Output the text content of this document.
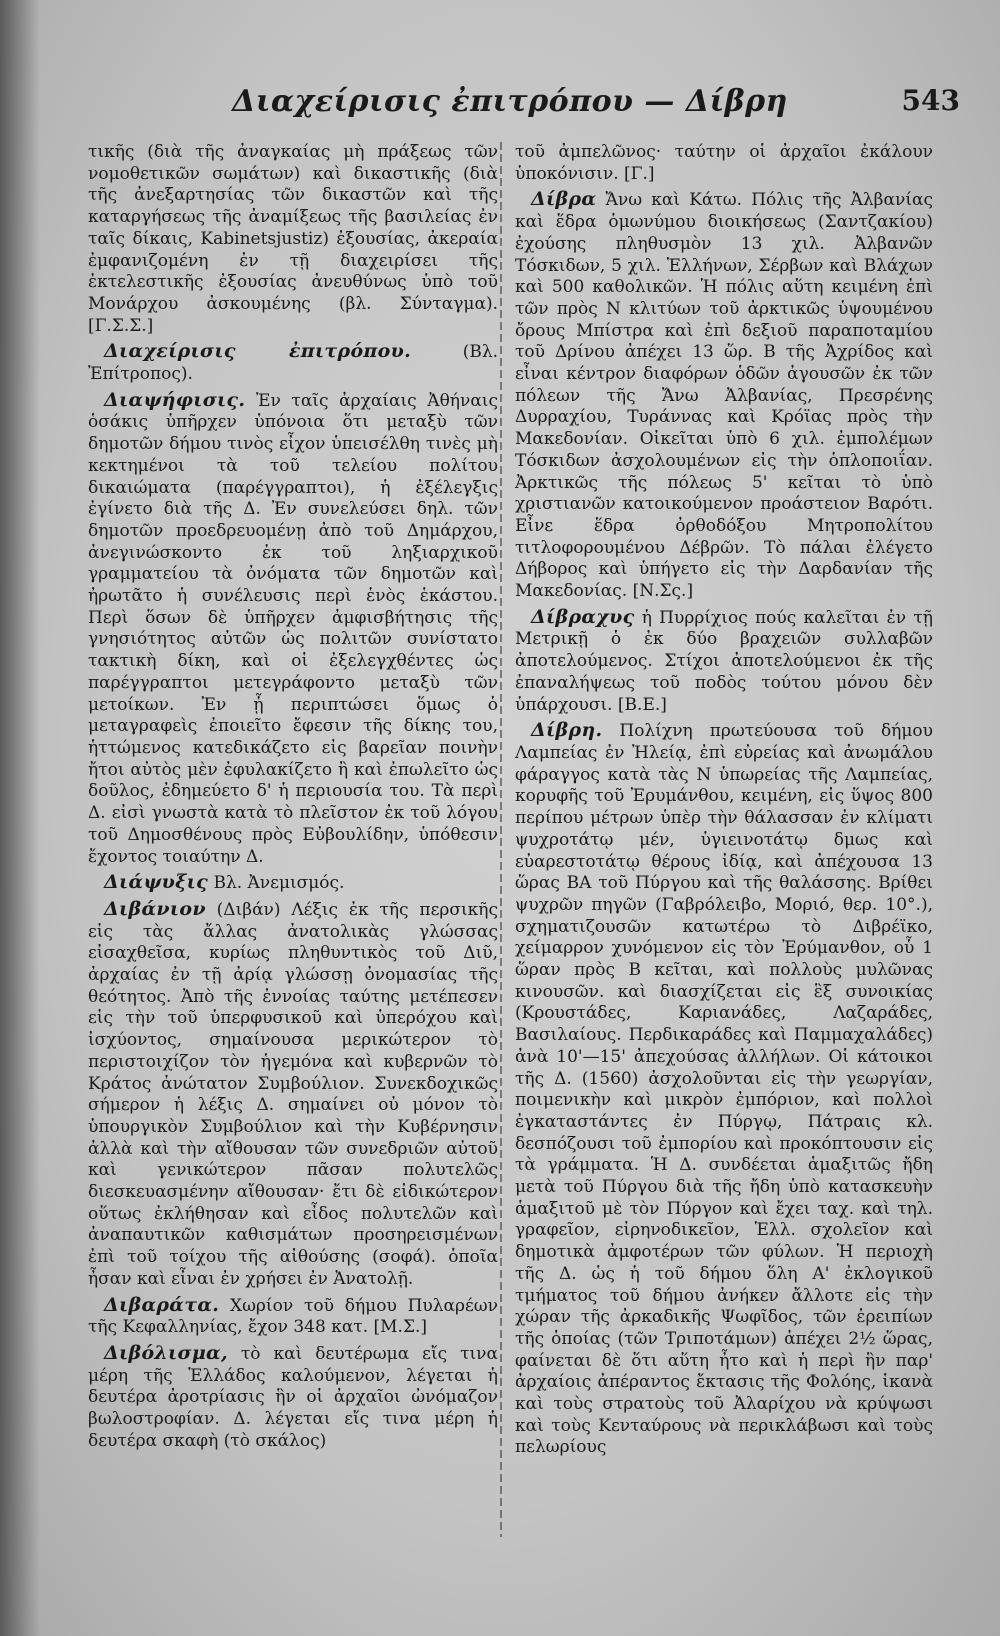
Διαχείρισις ἐπιτρόπου — Δίβρη	543

τικῆς (διὰ τῆς ἀναγκαίας μὴ πράξεως τῶν νομοθετικῶν σωμάτων) καὶ δικαστικῆς (διὰ τῆς ἀνεξαρτησίας τῶν δικαστῶν καὶ τῆς καταργήσεως τῆς ἀναμίξεως τῆς βασιλείας ἐν ταῖς δίκαις, Kabinetsjustiz) ἐξουσίας, ἀκεραία ἐμφανιζομένη ἐν τῇ διαχειρίσει τῆς ἐκτελεστικῆς ἐξουσίας ἀνευθύνως ὑπὸ τοῦ Μονάρχου ἀσκουμένης (βλ. Σύνταγμα). [Γ.Σ.Σ.]

Διαχείρισις ἐπιτρόπου. (Βλ. Ἐπίτροπος).

Διαψήφισις. Ἐν ταῖς ἀρχαίαις Ἀθήναις ὁσάκις ὑπῆρχεν ὑπόνοια ὅτι μεταξὺ τῶν δημοτῶν δήμου τινὸς εἶχον ὑπεισέλθη τινὲς μὴ κεκτημένοι τὰ τοῦ τελείου πολίτου δικαιώματα (παρέγγραπτοι), ἡ ἐξέλεγξις ἐγίνετο διὰ τῆς Δ. Ἐν συνελεύσει δηλ. τῶν δημοτῶν προεδρευομένῃ ἀπὸ τοῦ Δημάρχου, ἀνεγινώσκοντο ἐκ τοῦ ληξιαρχικοῦ γραμματείου τὰ ὀνόματα τῶν δημοτῶν καὶ ἠρωτᾶτο ἡ συνέλευσις περὶ ἑνὸς ἑκάστου. Περὶ ὅσων δὲ ὑπῆρχεν ἀμφισβήτησις τῆς γνησιότητος αὐτῶν ὡς πολιτῶν συνίστατο τακτικὴ δίκη, καὶ οἱ ἐξελεγχθέντες ὡς παρέγγραπτοι μετεγράφοντο μεταξὺ τῶν μετοίκων. Ἐν ᾗ περιπτώσει ὅμως ὁ μεταγραφεὶς ἐποιεῖτο ἔφεσιν τῆς δίκης του, ἡττώμενος κατεδικάζετο εἰς βαρεῖαν ποινὴν ἤτοι αὐτὸς μὲν ἐφυλακίζετο ἢ καὶ ἐπωλεῖτο ὡς δοῦλος, ἐδημεύετο δ' ἡ περιουσία του. Τὰ περὶ Δ. εἰσὶ γνωστὰ κατὰ τὸ πλεῖστον ἐκ τοῦ λόγου τοῦ Δημοσθένους πρὸς Εὐβουλίδην, ὑπόθεσιν ἔχοντος τοιαύτην Δ.

Διάψυξις Βλ. Ἀνεμισμός.

Διβάνιον (Διβάν) Λέξις ἐκ τῆς περσικῆς εἰς τὰς ἄλλας ἀνατολικὰς γλώσσας εἰσαχθεῖσα, κυρίως πληθυντικὸς τοῦ Διῦ, ἀρχαίας ἐν τῇ ἀρίᾳ γλώσσῃ ὀνομασίας τῆς θεότητος. Ἀπὸ τῆς ἐννοίας ταύτης μετέπεσεν εἰς τὴν τοῦ ὑπερφυσικοῦ καὶ ὑπερόχου καὶ ἰσχύοντος, σημαίνουσα μερικώτερον τὸ περιστοιχίζον τὸν ἡγεμόνα καὶ κυβερνῶν τὸ Κράτος ἀνώτατον Συμβούλιον. Συνεκδοχικῶς σήμερον ἡ λέξις Δ. σημαίνει οὐ μόνον τὸ ὑπουργικὸν Συμβούλιον καὶ τὴν Κυβέρνησιν ἀλλὰ καὶ τὴν αἴθουσαν τῶν συνεδριῶν αὐτοῦ καὶ γενικώτερον πᾶσαν πολυτελῶς διεσκευασμένην αἴθουσαν· ἔτι δὲ εἰδικώτερον οὕτως ἐκλήθησαν καὶ εἶδος πολυτελῶν καὶ ἀναπαυτικῶν καθισμάτων προσηρεισμένων ἐπὶ τοῦ τοίχου τῆς αἰθούσης (σοφά). ὁποῖα ἦσαν καὶ εἶναι ἐν χρήσει ἐν Ἀνατολῇ.

Διβαράτα. Χωρίον τοῦ δήμου Πυλαρέων τῆς Κεφαλληνίας, ἔχον 348 κατ. [Μ.Σ.]

Διβόλισμα, τὸ καὶ δευτέρωμα εἴς τινα μέρη τῆς Ἑλλάδος καλούμενον, λέγεται ἡ δευτέρα ἀροτρίασις ἣν οἱ ἀρχαῖοι ὠνόμαζον βωλοστροφίαν. Δ. λέγεται εἴς τινα μέρη ἡ δευτέρα σκαφὴ (τὸ σκάλος)

τοῦ ἀμπελῶνος· ταύτην οἱ ἀρχαῖοι ἐκάλουν ὑποκόνισιν. [Γ.]

Δίβρα Ἄνω καὶ Κάτω. Πόλις τῆς Ἀλβανίας καὶ ἕδρα ὁμωνύμου διοικήσεως (Σαντζακίου) ἐχούσης πληθυσμὸν 13 χιλ. Ἀλβανῶν Τόσκιδων, 5 χιλ. Ἑλλήνων, Σέρβων καὶ Βλάχων καὶ 500 καθολικῶν. Ἡ πόλις αὕτη κειμένη ἐπὶ τῶν πρὸς Ν κλιτύων τοῦ ἀρκτικῶς ὑψουμένου ὄρους Μπίστρα καὶ ἐπὶ δεξιοῦ παραποταμίου τοῦ Δρίνου ἀπέχει 13 ὥρ. Β τῆς Ἀχρίδος καὶ εἶναι κέντρον διαφόρων ὁδῶν ἀγουσῶν ἐκ τῶν πόλεων τῆς Ἄνω Ἀλβανίας, Πρεσρένης Δυρραχίου, Τυράννας καὶ Κρόϊας πρὸς τὴν Μακεδονίαν. Οἰκεῖται ὑπὸ 6 χιλ. ἐμπολέμων Τόσκιδων ἀσχολουμένων εἰς τὴν ὁπλοποιΐαν. Ἀρκτικῶς τῆς πόλεως 5' κεῖται τὸ ὑπὸ χριστιανῶν κατοικούμενον προάστειον Βαρότι. Εἶνε ἕδρα ὀρθοδόξου Μητροπολίτου τιτλοφορουμένου Δέβρῶν. Τὸ πάλαι ἐλέγετο Δήβορος καὶ ὑπήγετο εἰς τὴν Δαρδανίαν τῆς Μακεδονίας. [Ν.Σς.]

Δίβραχυς ἡ Πυρρίχιος πούς καλεῖται ἐν τῇ Μετρικῇ ὁ ἐκ δύο βραχειῶν συλλαβῶν ἀποτελούμενος. Στίχοι ἀποτελούμενοι ἐκ τῆς ἐπαναλήψεως τοῦ ποδὸς τούτου μόνου δὲν ὑπάρχουσι. [Β.Ε.]

Δίβρη. Πολίχνη πρωτεύουσα τοῦ δήμου Λαμπείας ἐν Ἠλείᾳ, ἐπὶ εὐρείας καὶ ἀνωμάλου φάραγγος κατὰ τὰς Ν ὑπωρείας τῆς Λαμπείας, κορυφῆς τοῦ Ἐρυμάνθου, κειμένη, εἰς ὕψος 800 περίπου μέτρων ὑπὲρ τὴν θάλασσαν ἐν κλίματι ψυχροτάτῳ μέν, ὑγιεινοτάτῳ δμως καὶ εὐαρεστοτάτῳ θέρους ἰδίᾳ, καὶ ἀπέχουσα 13 ὥρας ΒΑ τοῦ Πύργου καὶ τῆς θαλάσσης. Βρίθει ψυχρῶν πηγῶν (Γαβρόλειβο, Μοριό, θερ. 10°.), σχηματιζουσῶν κατωτέρω τὸ Διβρέϊκο, χείμαρρον χυνόμενον εἰς τὸν Ἐρύμανθον, οὗ 1 ὥραν πρὸς Β κεῖται, καὶ πολλοὺς μυλῶνας κινουσῶν. καὶ διασχίζεται εἰς ἓξ συνοικίας (Κρουστάδες, Καριανάδες, Λαζαράδες, Βασιλαίους. Περδικαράδες καὶ Παμμαχαλάδες) ἀνὰ 10'—15' ἀπεχούσας ἀλλήλων. Οἱ κάτοικοι τῆς Δ. (1560) ἀσχολοῦνται εἰς τὴν γεωργίαν, ποιμενικὴν καὶ μικρὸν ἐμπόριον, καὶ πολλοὶ ἐγκαταστάντες ἐν Πύργῳ, Πάτραις κλ. δεσπόζουσι τοῦ ἐμπορίου καὶ προκόπτουσιν εἰς τὰ γράμματα. Ἡ Δ. συνδέεται ἁμαξιτῶς ἤδη μετὰ τοῦ Πύργου διὰ τῆς ἤδη ὑπὸ κατασκευὴν ἁμαξιτοῦ μὲ τὸν Πύργον καὶ ἔχει ταχ. καὶ τηλ. γραφεῖον, εἰρηνοδικεῖον, Ἑλλ. σχολεῖον καὶ δημοτικὰ ἀμφοτέρων τῶν φύλων. Ἡ περιοχὴ τῆς Δ. ὡς ἡ τοῦ δήμου ὅλη Α' ἐκλογικοῦ τμήματος τοῦ δήμου ἀνήκεν ἄλλοτε εἰς τὴν χώραν τῆς ἀρκαδικῆς Ψωφῖδος, τῶν ἐρειπίων τῆς ὁποίας (τῶν Τριποτάμων) ἀπέχει 2½ ὥρας, φαίνεται δὲ ὅτι αὕτη ἦτο καὶ ἡ περὶ ἣν παρ' ἀρχαίοις ἀπέραντος ἔκτασις τῆς Φολόης, ἱκανὰ καὶ τοὺς στρατοὺς τοῦ Ἀλαρίχου νὰ κρύψωσι καὶ τοὺς Κενταύρους νὰ περικλάβωσι καὶ τοὺς πελωρίους
